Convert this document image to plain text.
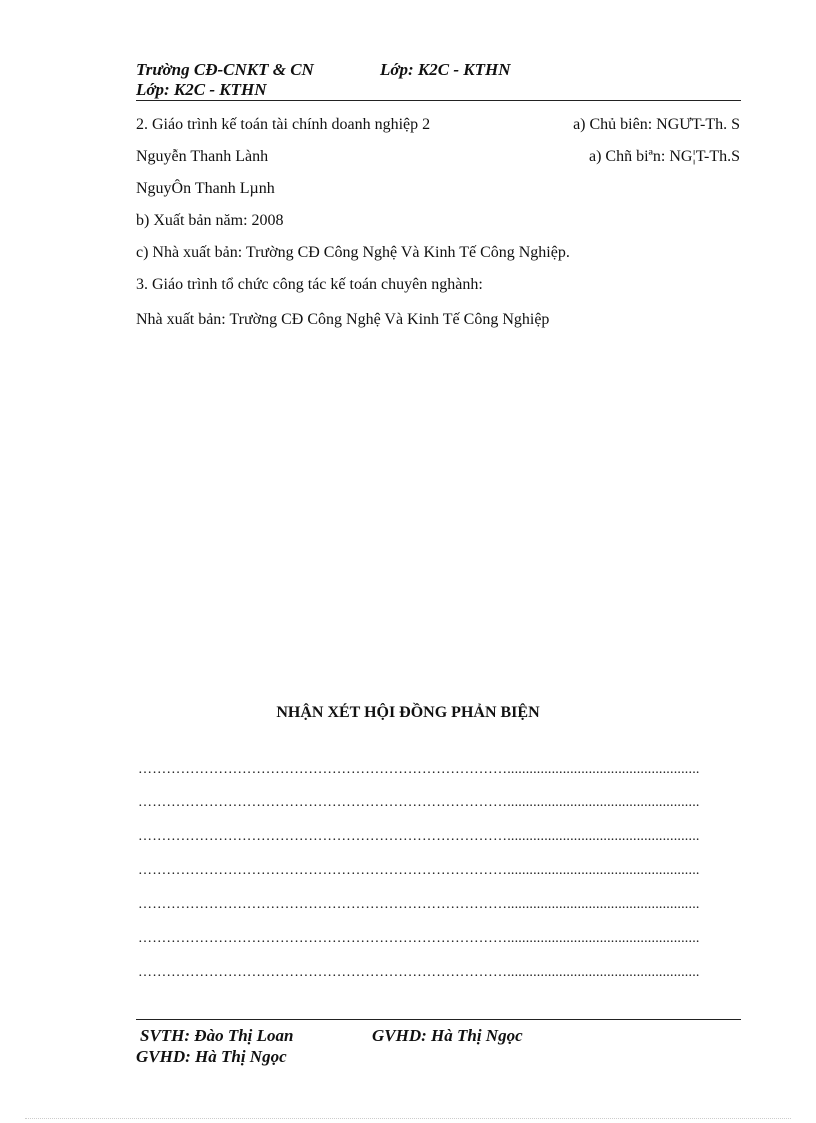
Trường CĐ-CNKT & CN	Lớp: K2C - KTHN
Lớp: K2C - KTHN
2. Giáo trình kế toán tài chính doanh nghiệp 2	a) Chủ biên: NGƯT-Th. S
Nguyễn Thanh Lành	a) Chñ biªn: NG¦T-Th.S
NguyÔn Thanh Lµnh
b) Xuất bản năm: 2008
c) Nhà xuất bản: Trường CĐ Công Nghệ Và Kinh Tế Công Nghiệp.
3. Giáo trình tổ chức công tác kế toán chuyên nghành:
Nhà xuất bản: Trường CĐ Công Nghệ Và Kinh Tế Công Nghiệp
NHẬN XÉT HỘI ĐỒNG PHẢN BIỆN
……………………………………………………………………....................................................
……………………………………………………………………....................................................
……………………………………………………………………....................................................
……………………………………………………………………....................................................
……………………………………………………………………....................................................
……………………………………………………………………....................................................
……………………………………………………………………....................................................
SVTH: Đào Thị Loan	GVHD: Hà Thị Ngọc
GVHD: Hà Thị Ngọc
